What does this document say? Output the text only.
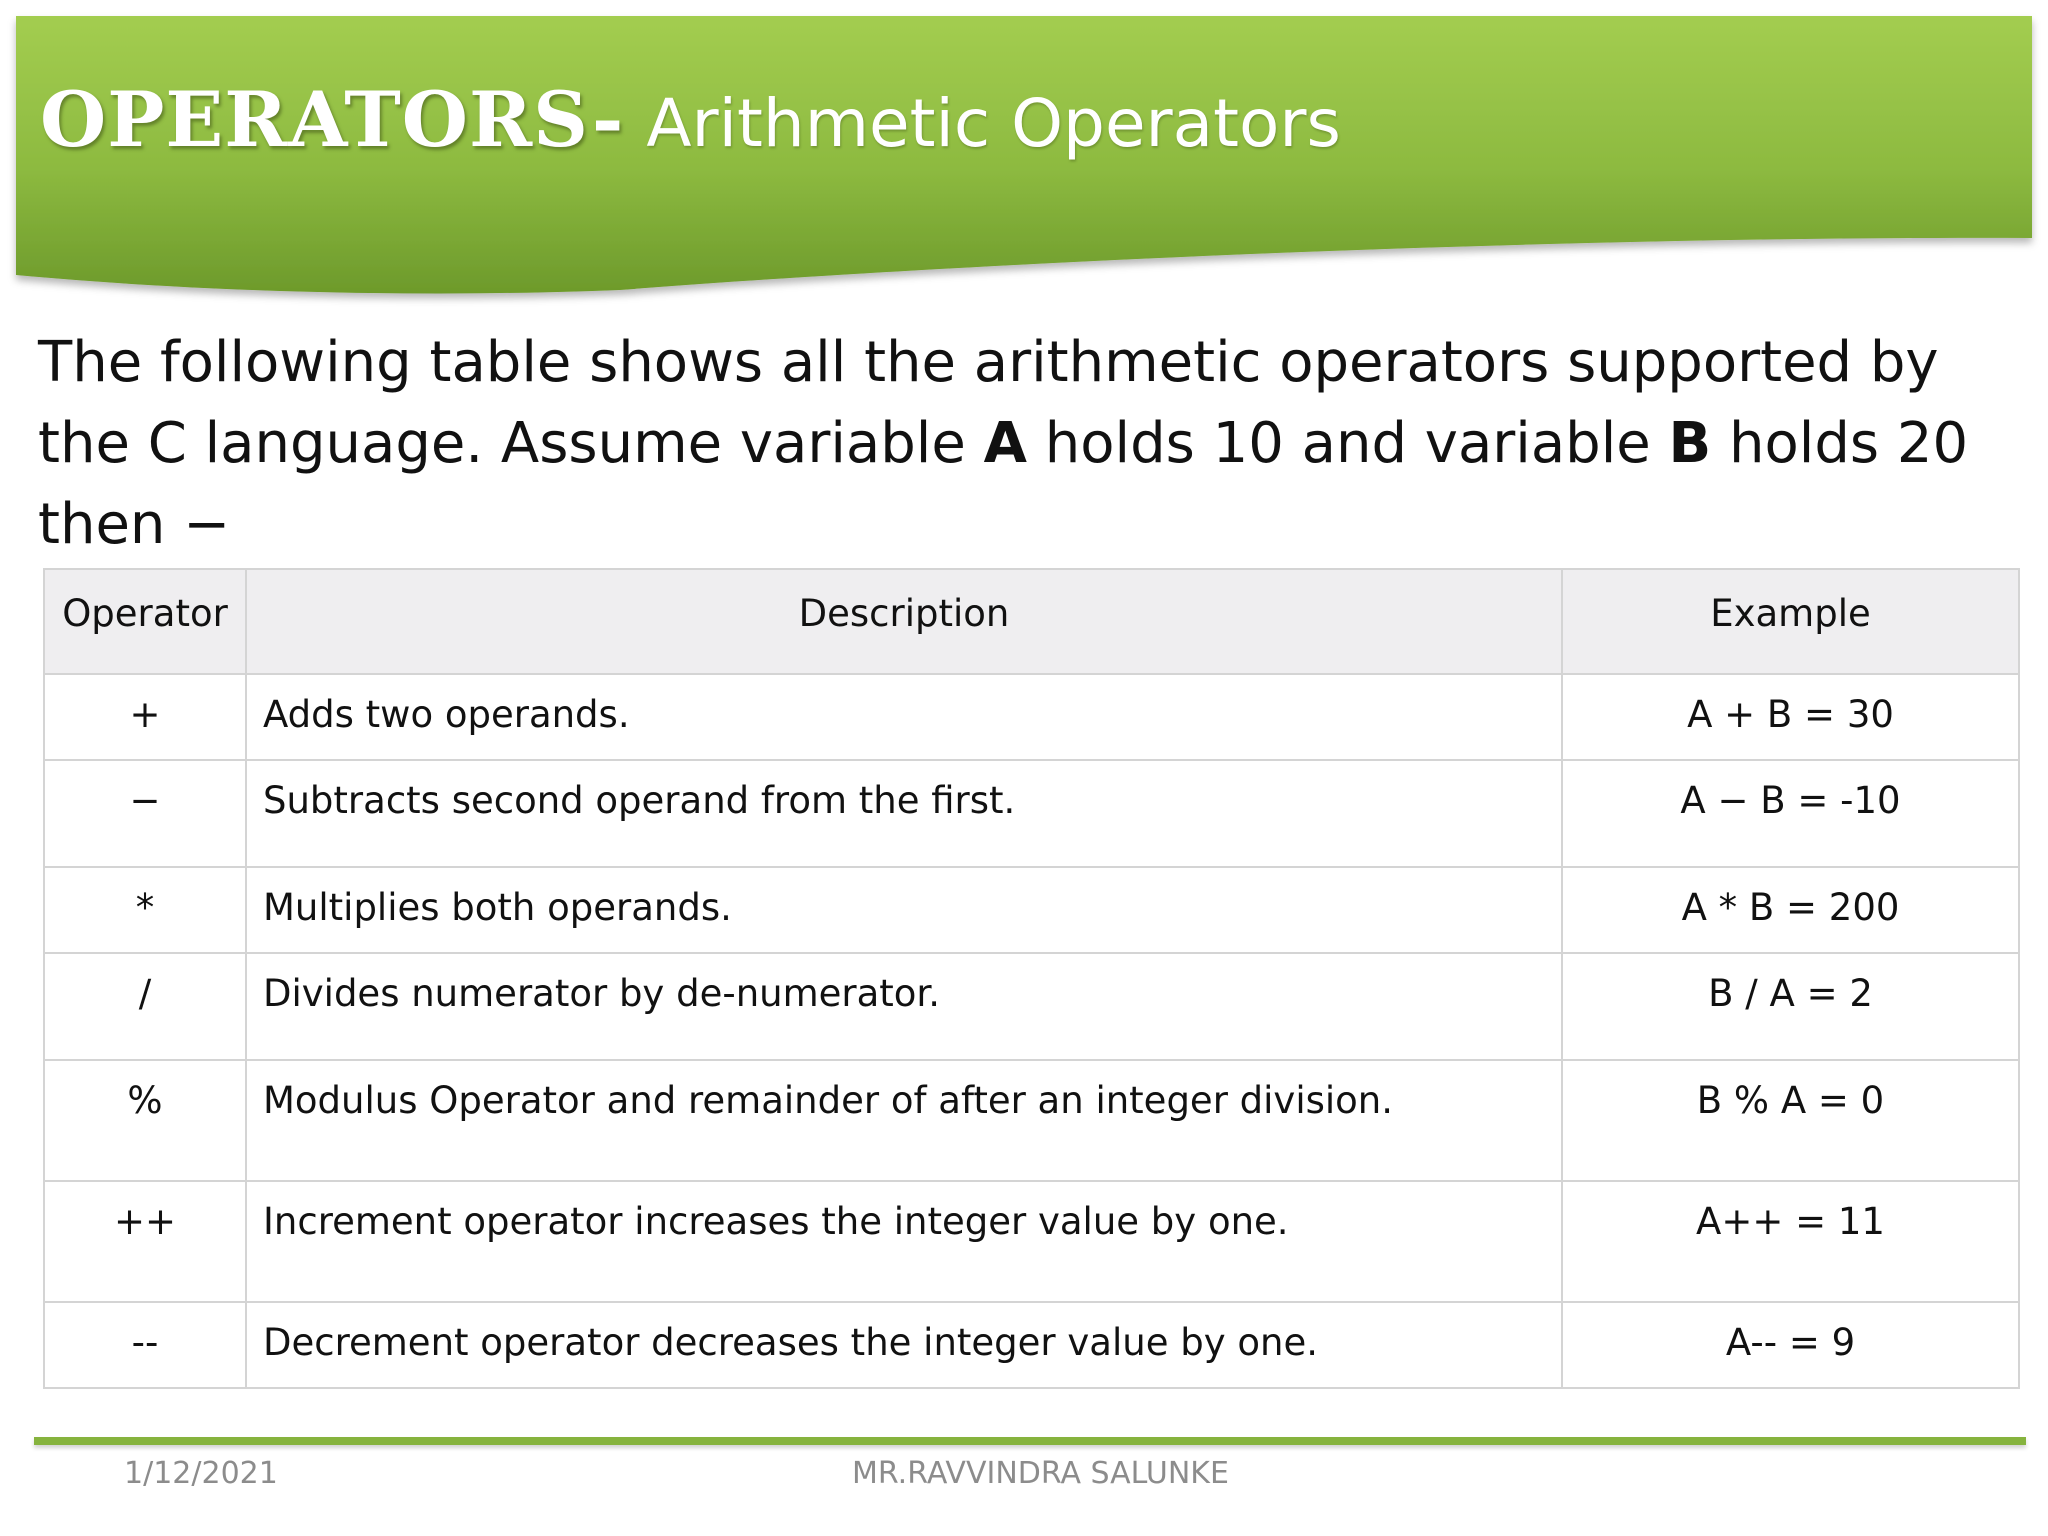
OPERATORS- Arithmetic Operators
The following table shows all the arithmetic operators supported by the C language. Assume variable A holds 10 and variable B holds 20 then −
Operator	Description	Example
+	Adds two operands.	A + B = 30
−	Subtracts second operand from the first.	A − B = -10
*	Multiplies both operands.	A * B = 200
/	Divides numerator by de-numerator.	B / A = 2
%	Modulus Operator and remainder of after an integer division.	B % A = 0
++	Increment operator increases the integer value by one.	A++ = 11
--	Decrement operator decreases the integer value by one.	A-- = 9
1/12/2021	MR.RAVVINDRA SALUNKE
